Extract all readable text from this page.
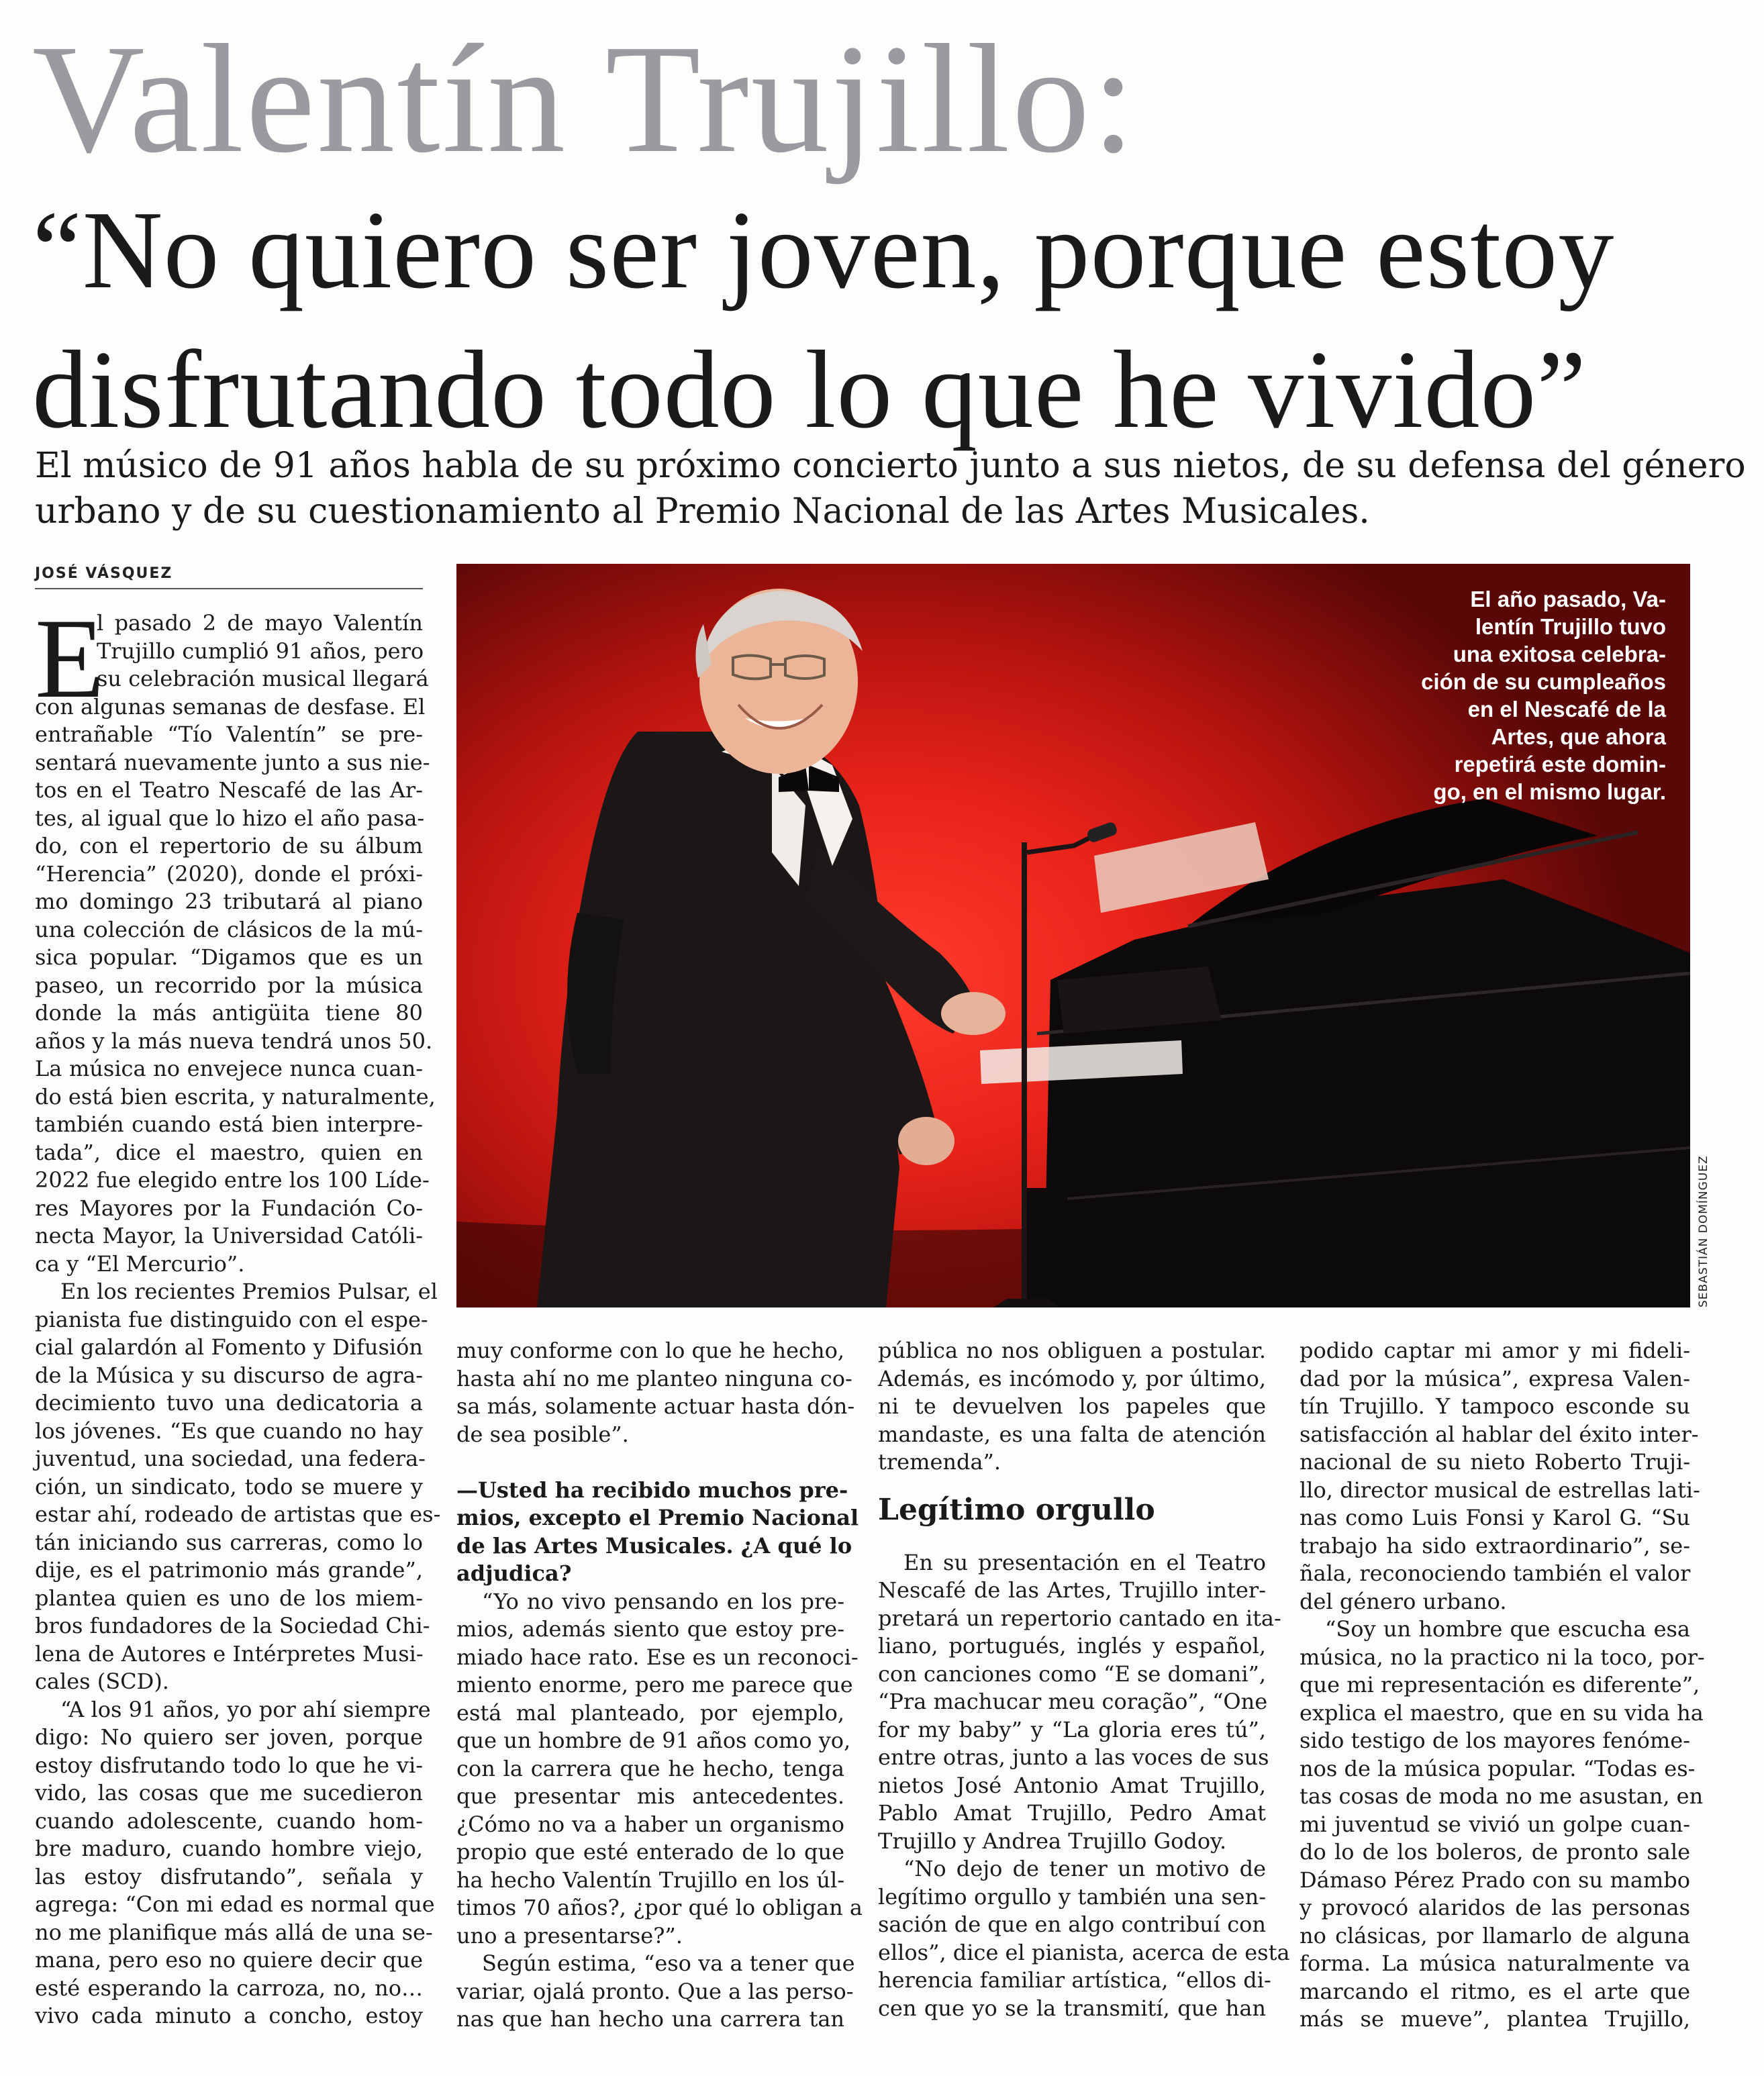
Valentín Trujillo:
“No quiero ser joven, porque estoy
disfrutando todo lo que he vivido”
El músico de 91 años habla de su próximo concierto junto a sus nietos, de su defensa del género
urbano y de su cuestionamiento al Premio Nacional de las Artes Musicales.
JOSÉ VÁSQUEZ
El año pasado, Va-
lentín Trujillo tuvo
una exitosa celebra-
ción de su cumpleaños
en el Nescafé de la
Artes, que ahora
repetirá este domin-
go, en el mismo lugar.
SEBASTIÁN DOMÍNGUEZ
E
l pasado 2 de mayo Valentín
Trujillo cumplió 91 años, pero
su celebración musical llegará
con algunas semanas de desfase. El
entrañable “Tío Valentín” se pre-
sentará nuevamente junto a sus nie-
tos en el Teatro Nescafé de las Ar-
tes, al igual que lo hizo el año pasa-
do, con el repertorio de su álbum
“Herencia” (2020), donde el próxi-
mo domingo 23 tributará al piano
una colección de clásicos de la mú-
sica popular. “Digamos que es un
paseo, un recorrido por la música
donde la más antigüita tiene 80
años y la más nueva tendrá unos 50.
La música no envejece nunca cuan-
do está bien escrita, y naturalmente,
también cuando está bien interpre-
tada”, dice el maestro, quien en
2022 fue elegido entre los 100 Líde-
res Mayores por la Fundación Co-
necta Mayor, la Universidad Católi-
ca y “El Mercurio”.
En los recientes Premios Pulsar, el
pianista fue distinguido con el espe-
cial galardón al Fomento y Difusión
de la Música y su discurso de agra-
decimiento tuvo una dedicatoria a
los jóvenes. “Es que cuando no hay
juventud, una sociedad, una federa-
ción, un sindicato, todo se muere y
estar ahí, rodeado de artistas que es-
tán iniciando sus carreras, como lo
dije, es el patrimonio más grande”,
plantea quien es uno de los miem-
bros fundadores de la Sociedad Chi-
lena de Autores e Intérpretes Musi-
cales (SCD).
“A los 91 años, yo por ahí siempre
digo: No quiero ser joven, porque
estoy disfrutando todo lo que he vi-
vido, las cosas que me sucedieron
cuando adolescente, cuando hom-
bre maduro, cuando hombre viejo,
las estoy disfrutando”, señala y
agrega: “Con mi edad es normal que
no me planifique más allá de una se-
mana, pero eso no quiere decir que
esté esperando la carroza, no, no…
vivo cada minuto a concho, estoy
muy conforme con lo que he hecho,
hasta ahí no me planteo ninguna co-
sa más, solamente actuar hasta dón-
de sea posible”.
—Usted ha recibido muchos pre-
mios, excepto el Premio Nacional
de las Artes Musicales. ¿A qué lo
adjudica?
“Yo no vivo pensando en los pre-
mios, además siento que estoy pre-
miado hace rato. Ese es un reconoci-
miento enorme, pero me parece que
está mal planteado, por ejemplo,
que un hombre de 91 años como yo,
con la carrera que he hecho, tenga
que presentar mis antecedentes.
¿Cómo no va a haber un organismo
propio que esté enterado de lo que
ha hecho Valentín Trujillo en los úl-
timos 70 años?, ¿por qué lo obligan a
uno a presentarse?”.
Según estima, “eso va a tener que
variar, ojalá pronto. Que a las perso-
nas que han hecho una carrera tan
pública no nos obliguen a postular.
Además, es incómodo y, por último,
ni te devuelven los papeles que
mandaste, es una falta de atención
tremenda”.
Legítimo orgullo
En su presentación en el Teatro
Nescafé de las Artes, Trujillo inter-
pretará un repertorio cantado en ita-
liano, portugués, inglés y español,
con canciones como “E se domani”,
“Pra machucar meu coração”, “One
for my baby” y “La gloria eres tú”,
entre otras, junto a las voces de sus
nietos José Antonio Amat Trujillo,
Pablo Amat Trujillo, Pedro Amat
Trujillo y Andrea Trujillo Godoy.
“No dejo de tener un motivo de
legítimo orgullo y también una sen-
sación de que en algo contribuí con
ellos”, dice el pianista, acerca de esta
herencia familiar artística, “ellos di-
cen que yo se la transmití, que han
podido captar mi amor y mi fideli-
dad por la música”, expresa Valen-
tín Trujillo. Y tampoco esconde su
satisfacción al hablar del éxito inter-
nacional de su nieto Roberto Truji-
llo, director musical de estrellas lati-
nas como Luis Fonsi y Karol G. “Su
trabajo ha sido extraordinario”, se-
ñala, reconociendo también el valor
del género urbano.
“Soy un hombre que escucha esa
música, no la practico ni la toco, por-
que mi representación es diferente”,
explica el maestro, que en su vida ha
sido testigo de los mayores fenóme-
nos de la música popular. “Todas es-
tas cosas de moda no me asustan, en
mi juventud se vivió un golpe cuan-
do lo de los boleros, de pronto sale
Dámaso Pérez Prado con su mambo
y provocó alaridos de las personas
no clásicas, por llamarlo de alguna
forma. La música naturalmente va
marcando el ritmo, es el arte que
más se mueve”, plantea Trujillo,
